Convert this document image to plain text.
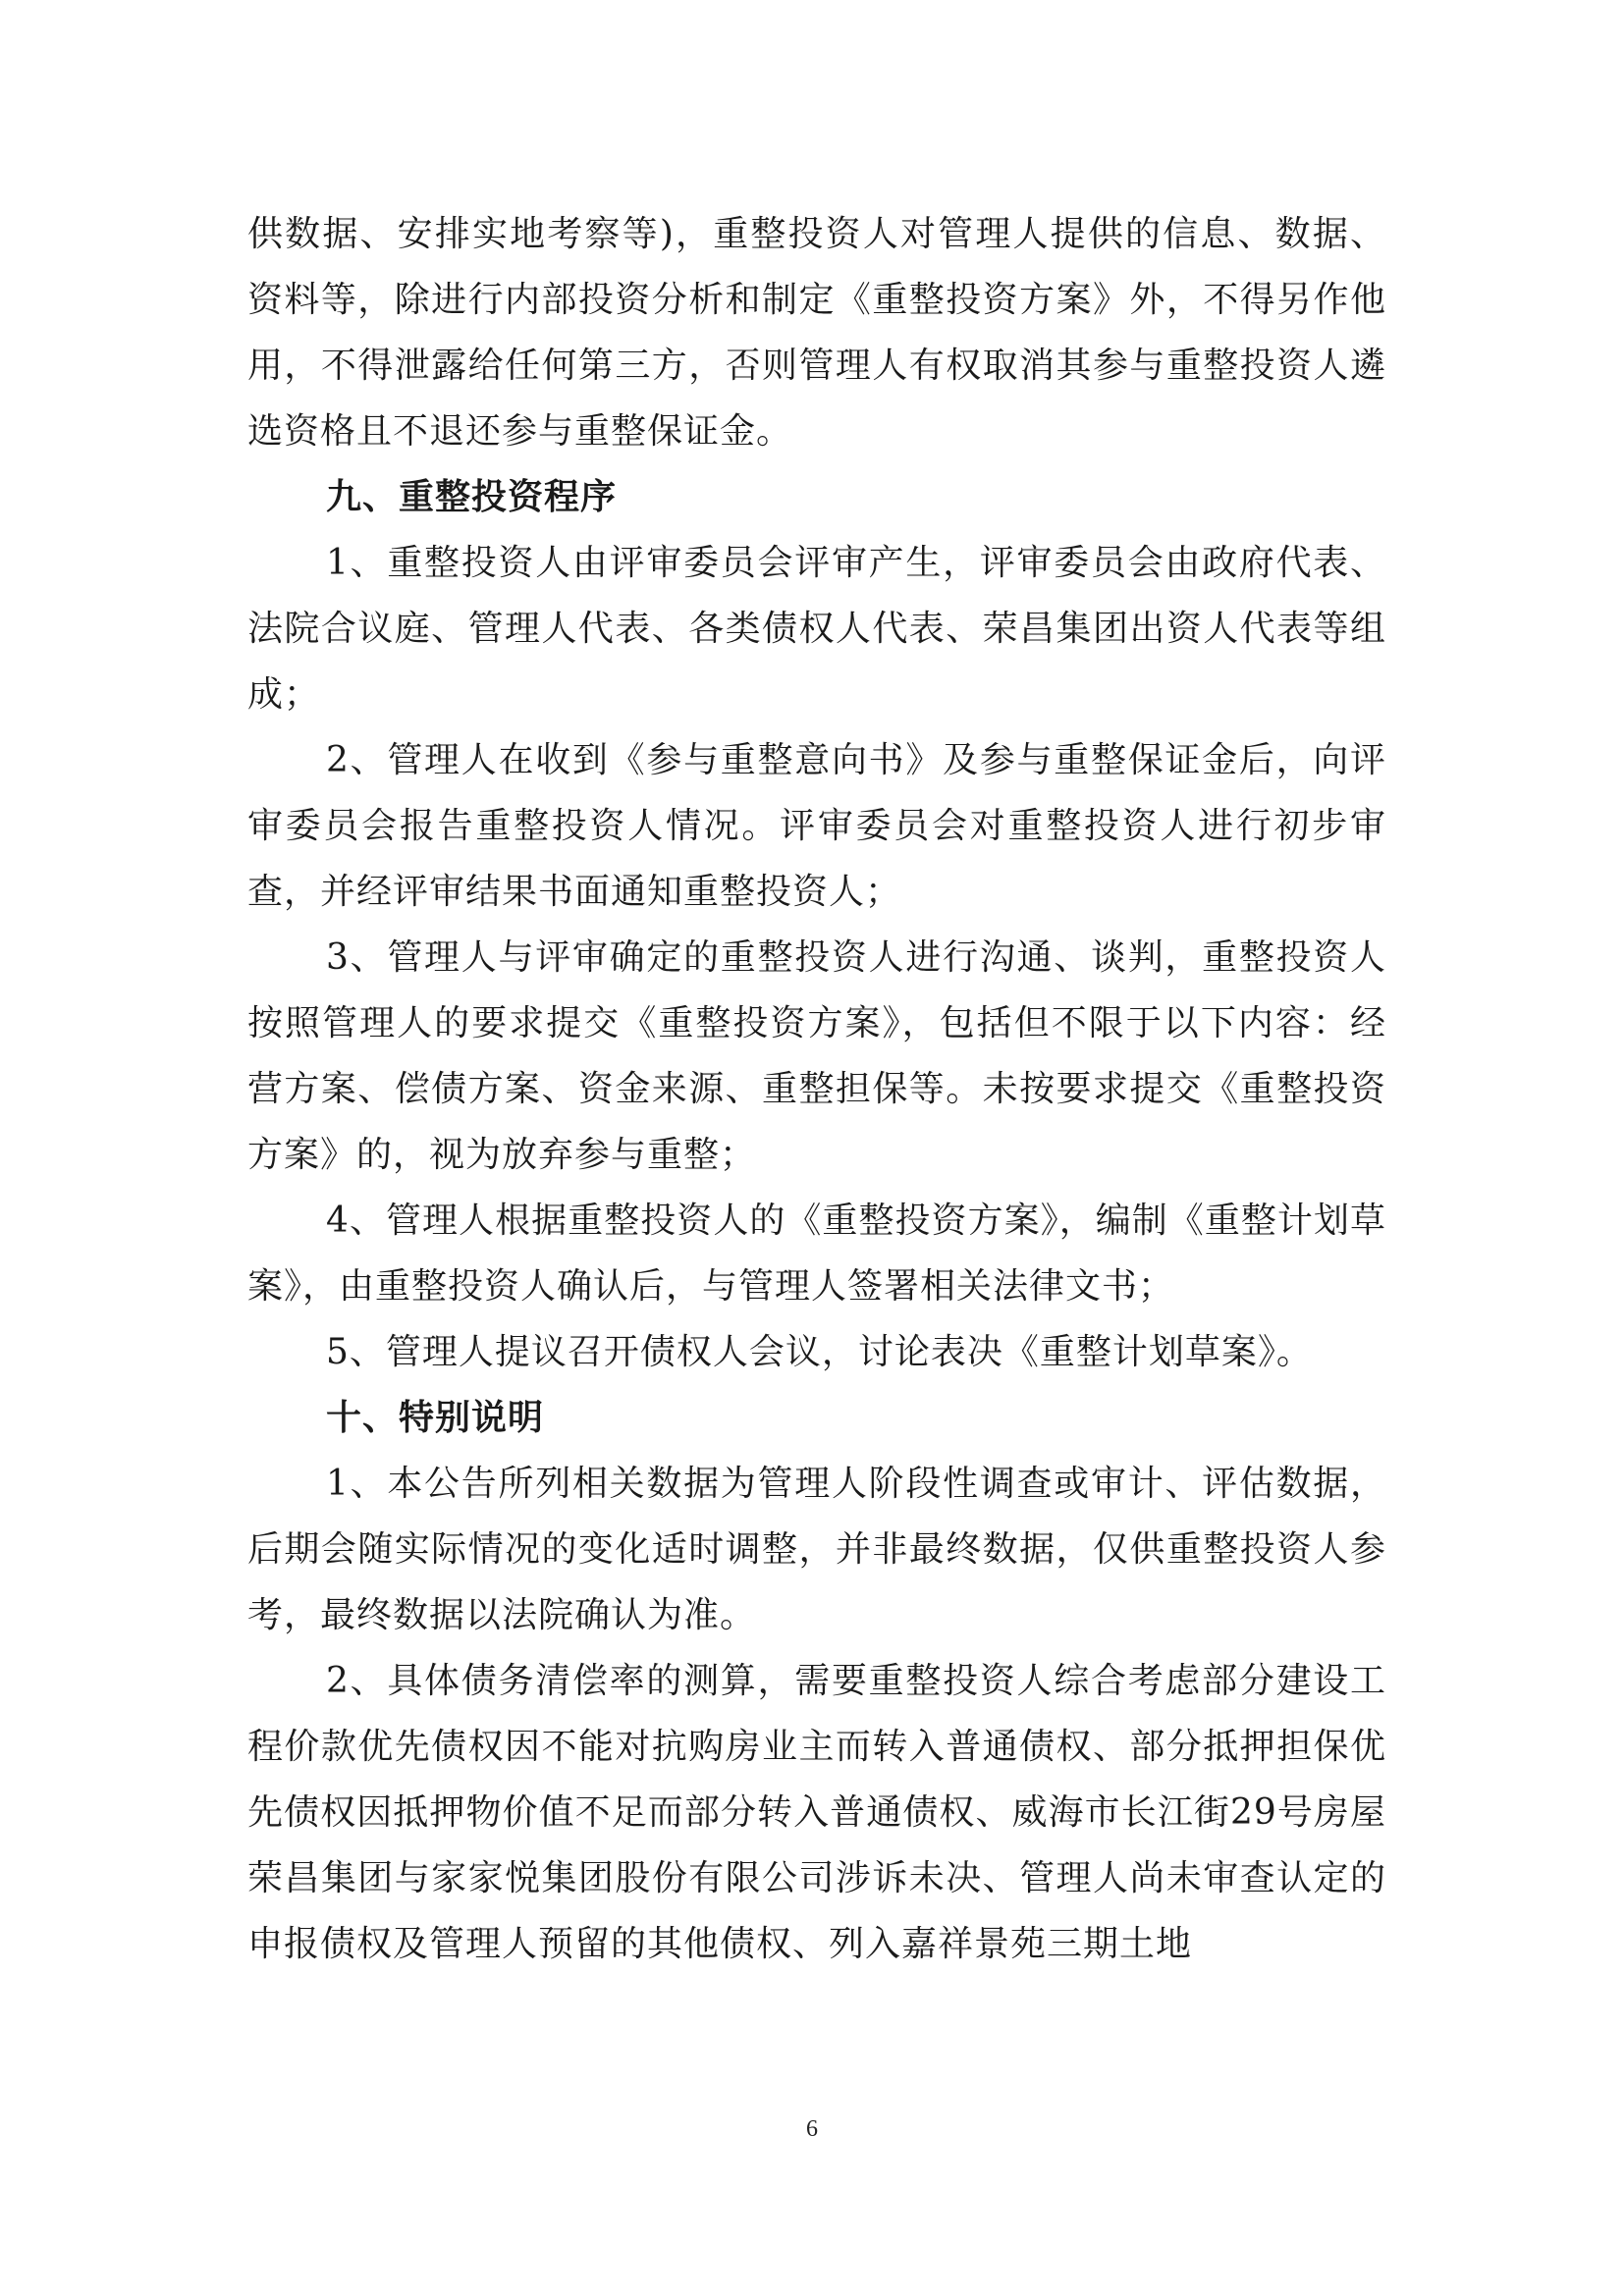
供数据、安排实地考察等)，重整投资人对管理人提供的信息、数据、资料等，除进行内部投资分析和制定《重整投资方案》外，不得另作他用，不得泄露给任何第三方，否则管理人有权取消其参与重整投资人遴选资格且不退还参与重整保证金。

九、重整投资程序

1、重整投资人由评审委员会评审产生，评审委员会由政府代表、法院合议庭、管理人代表、各类债权人代表、荣昌集团出资人代表等组成；

2、管理人在收到《参与重整意向书》及参与重整保证金后，向评审委员会报告重整投资人情况。评审委员会对重整投资人进行初步审查，并经评审结果书面通知重整投资人；

3、管理人与评审确定的重整投资人进行沟通、谈判，重整投资人按照管理人的要求提交《重整投资方案》，包括但不限于以下内容：经营方案、偿债方案、资金来源、重整担保等。未按要求提交《重整投资方案》的，视为放弃参与重整；

4、管理人根据重整投资人的《重整投资方案》，编制《重整计划草案》，由重整投资人确认后，与管理人签署相关法律文书；

5、管理人提议召开债权人会议，讨论表决《重整计划草案》。

十、特别说明

1、本公告所列相关数据为管理人阶段性调查或审计、评估数据，后期会随实际情况的变化适时调整，并非最终数据，仅供重整投资人参考，最终数据以法院确认为准。

2、具体债务清偿率的测算，需要重整投资人综合考虑部分建设工程价款优先债权因不能对抗购房业主而转入普通债权、部分抵押担保优先债权因抵押物价值不足而部分转入普通债权、威海市长江街29号房屋荣昌集团与家家悦集团股份有限公司涉诉未决、管理人尚未审查认定的申报债权及管理人预留的其他债权、列入嘉祥景苑三期土地

6
